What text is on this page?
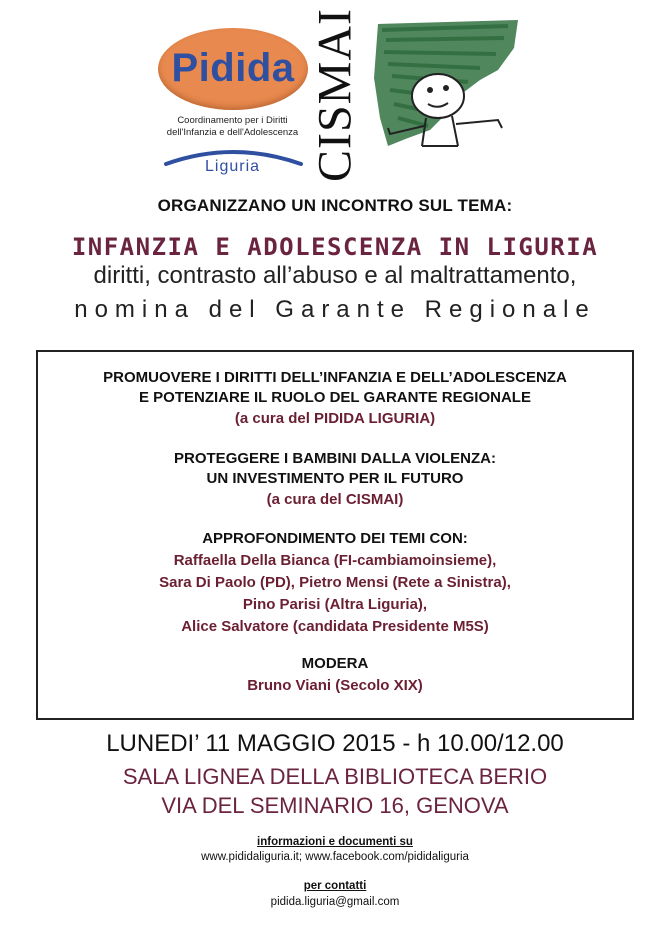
Pidida
Coordinamento per i Diritti
dell'Infanzia e dell'Adolescenza
Liguria	CISMAI
ORGANIZZANO UN INCONTRO SUL TEMA:
INFANZIA E ADOLESCENZA IN LIGURIA
diritti, contrasto all’abuso e al maltrattamento,
nomina del Garante Regionale
PROMUOVERE I DIRITTI DELL’INFANZIA E DELL’ADOLESCENZA
E POTENZIARE IL RUOLO DEL GARANTE REGIONALE
(a cura del PIDIDA LIGURIA)
PROTEGGERE I BAMBINI DALLA VIOLENZA:
UN INVESTIMENTO PER IL FUTURO
(a cura del CISMAI)
APPROFONDIMENTO DEI TEMI CON:
Raffaella Della Bianca (FI-cambiamoinsieme),
Sara Di Paolo (PD), Pietro Mensi (Rete a Sinistra),
Pino Parisi (Altra Liguria),
Alice Salvatore (candidata Presidente M5S)
MODERA
Bruno Viani (Secolo XIX)
LUNEDI’ 11 MAGGIO 2015 - h 10.00/12.00
SALA LIGNEA DELLA BIBLIOTECA BERIO
VIA DEL SEMINARIO 16, GENOVA
informazioni e documenti su
www.pididaliguria.it; www.facebook.com/pididaliguria
per contatti
pidida.liguria@gmail.com
